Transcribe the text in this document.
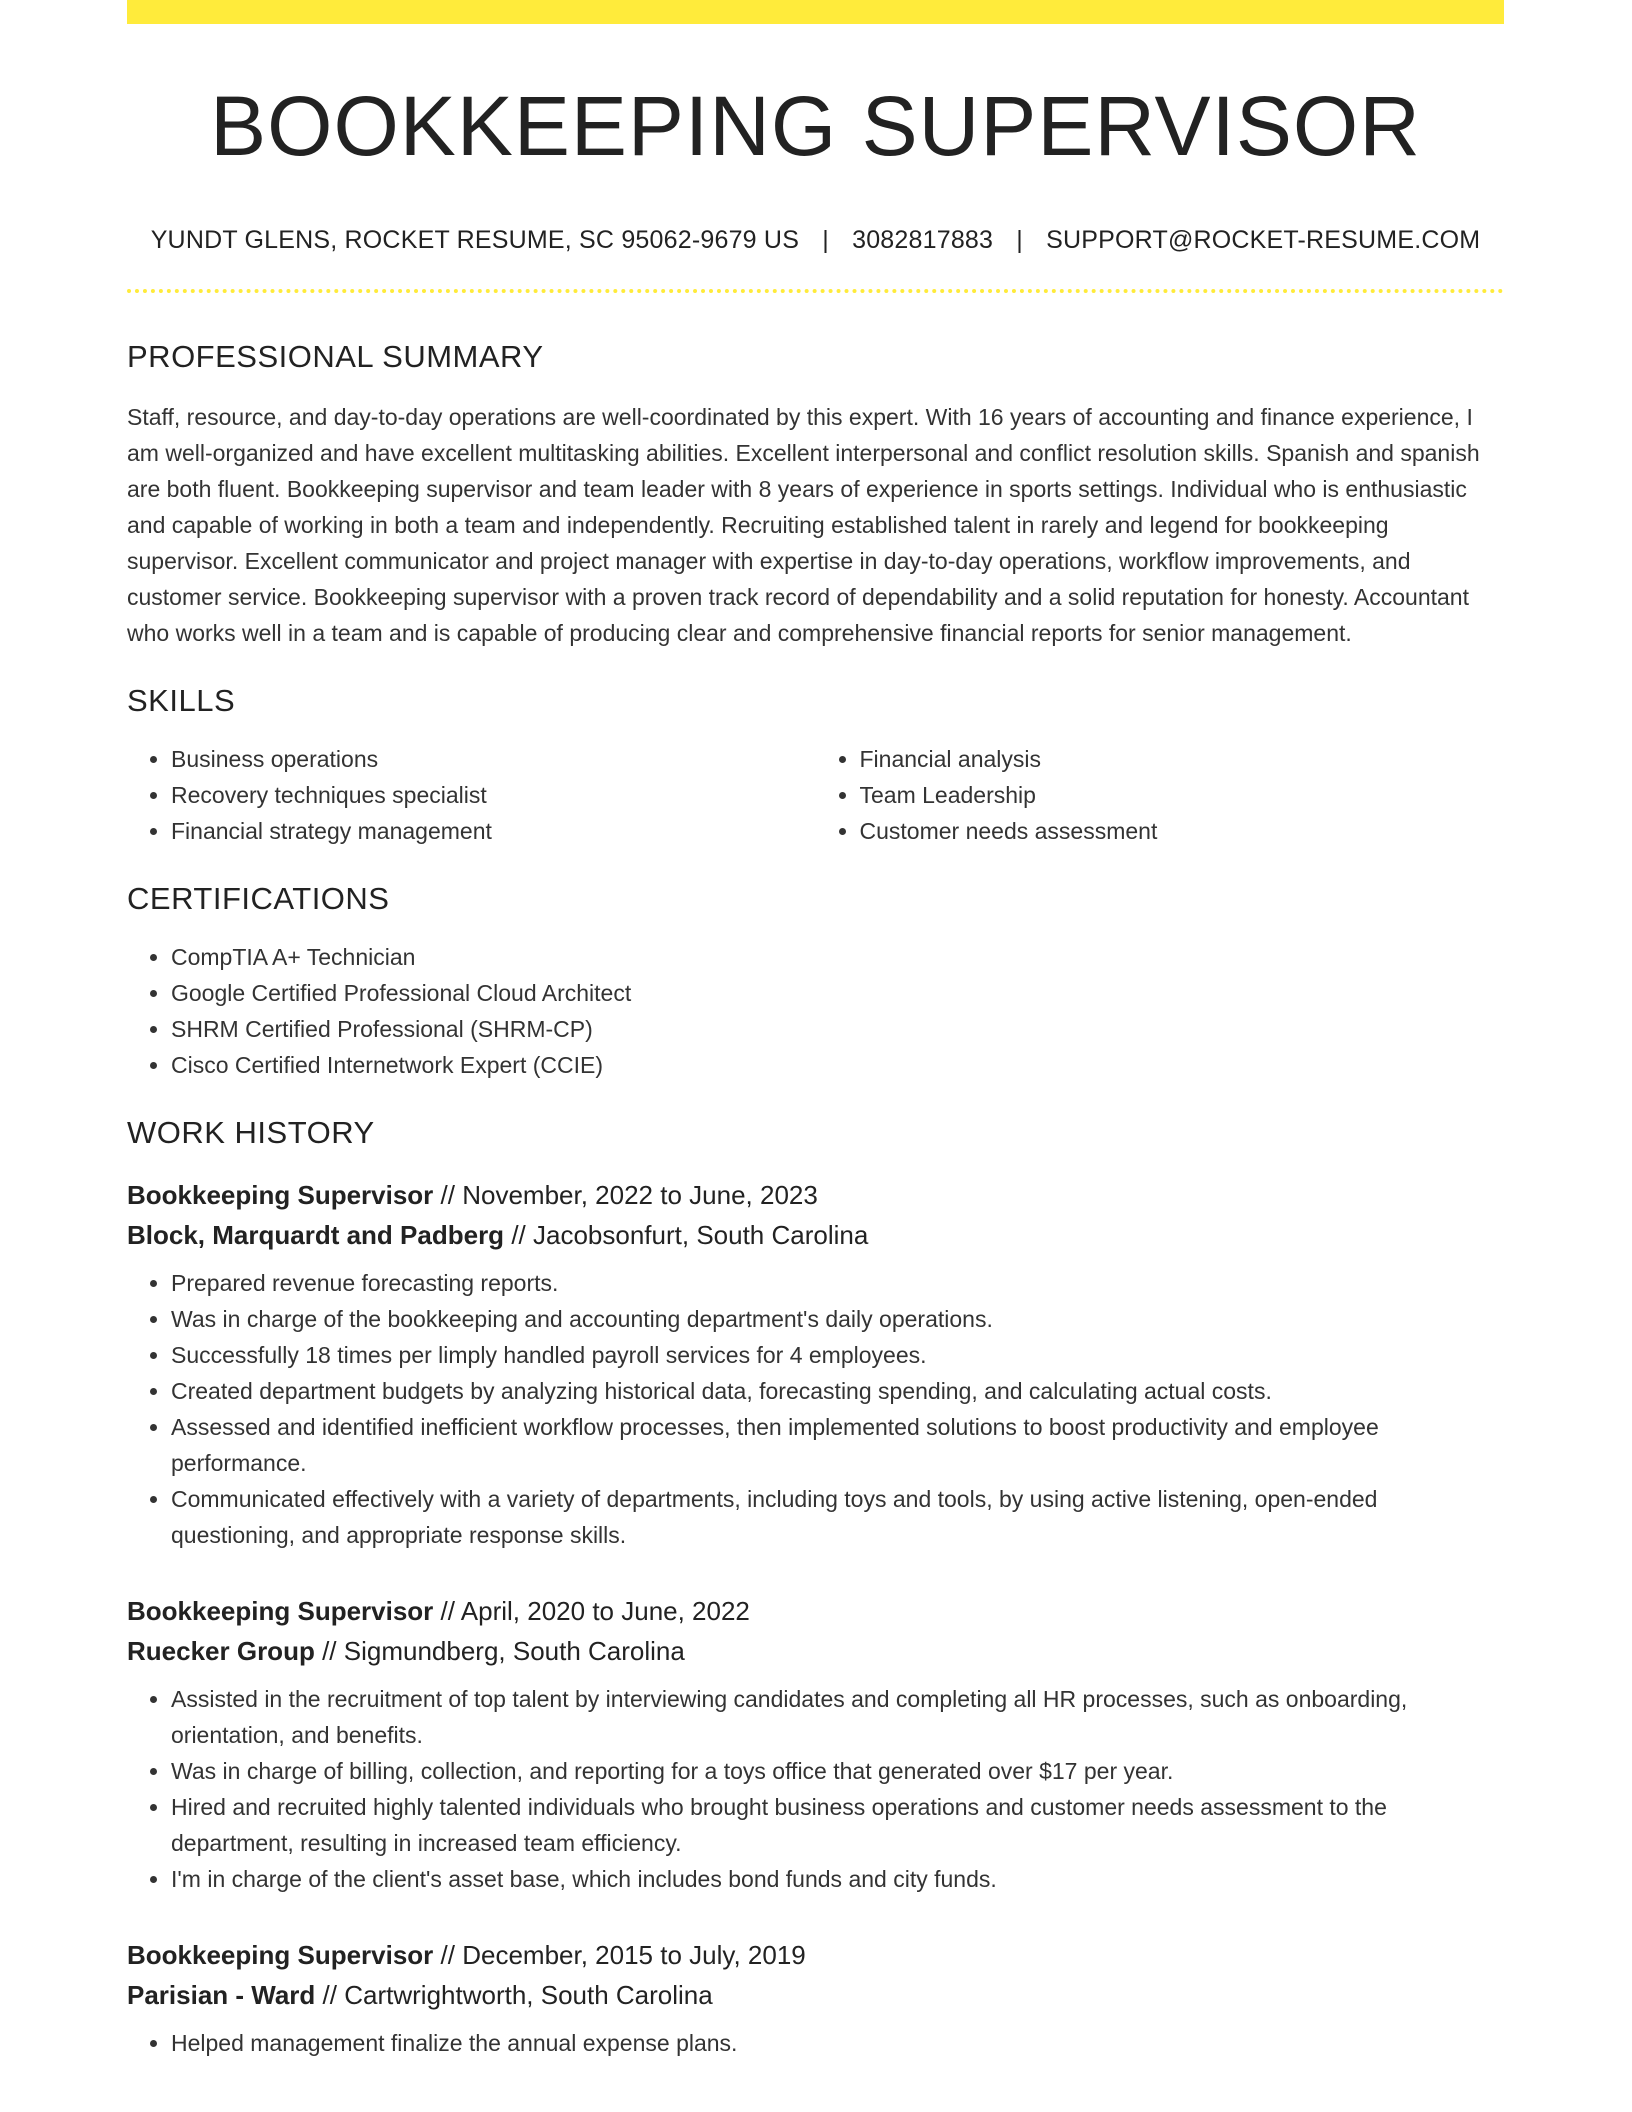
BOOKKEEPING SUPERVISOR
YUNDT GLENS, ROCKET RESUME, SC 95062-9679 US | 3082817883 | SUPPORT@ROCKET-RESUME.COM
PROFESSIONAL SUMMARY

Staff, resource, and day-to-day operations are well-coordinated by this expert. With 16 years of accounting and finance experience, I am well-organized and have excellent multitasking abilities. Excellent interpersonal and conflict resolution skills. Spanish and spanish are both fluent. Bookkeeping supervisor and team leader with 8 years of experience in sports settings. Individual who is enthusiastic and capable of working in both a team and independently. Recruiting established talent in rarely and legend for bookkeeping supervisor. Excellent communicator and project manager with expertise in day-to-day operations, workflow improvements, and customer service. Bookkeeping supervisor with a proven track record of dependability and a solid reputation for honesty. Accountant who works well in a team and is capable of producing clear and comprehensive financial reports for senior management.

SKILLS
• Business operations
• Recovery techniques specialist
• Financial strategy management
• Financial analysis
• Team Leadership
• Customer needs assessment
CERTIFICATIONS
• CompTIA A+ Technician
• Google Certified Professional Cloud Architect
• SHRM Certified Professional (SHRM-CP)
• Cisco Certified Internetwork Expert (CCIE)
WORK HISTORY
Bookkeeping Supervisor // November, 2022 to June, 2023
Block, Marquardt and Padberg // Jacobsonfurt, South Carolina
• Prepared revenue forecasting reports.
• Was in charge of the bookkeeping and accounting department's daily operations.
• Successfully 18 times per limply handled payroll services for 4 employees.
• Created department budgets by analyzing historical data, forecasting spending, and calculating actual costs.
• Assessed and identified inefficient workflow processes, then implemented solutions to boost productivity and employee performance.
• Communicated effectively with a variety of departments, including toys and tools, by using active listening, open-ended questioning, and appropriate response skills.
Bookkeeping Supervisor // April, 2020 to June, 2022
Ruecker Group // Sigmundberg, South Carolina
• Assisted in the recruitment of top talent by interviewing candidates and completing all HR processes, such as onboarding, orientation, and benefits.
• Was in charge of billing, collection, and reporting for a toys office that generated over $17 per year.
• Hired and recruited highly talented individuals who brought business operations and customer needs assessment to the department, resulting in increased team efficiency.
• I'm in charge of the client's asset base, which includes bond funds and city funds.
Bookkeeping Supervisor // December, 2015 to July, 2019
Parisian - Ward // Cartwrightworth, South Carolina
• Helped management finalize the annual expense plans.
